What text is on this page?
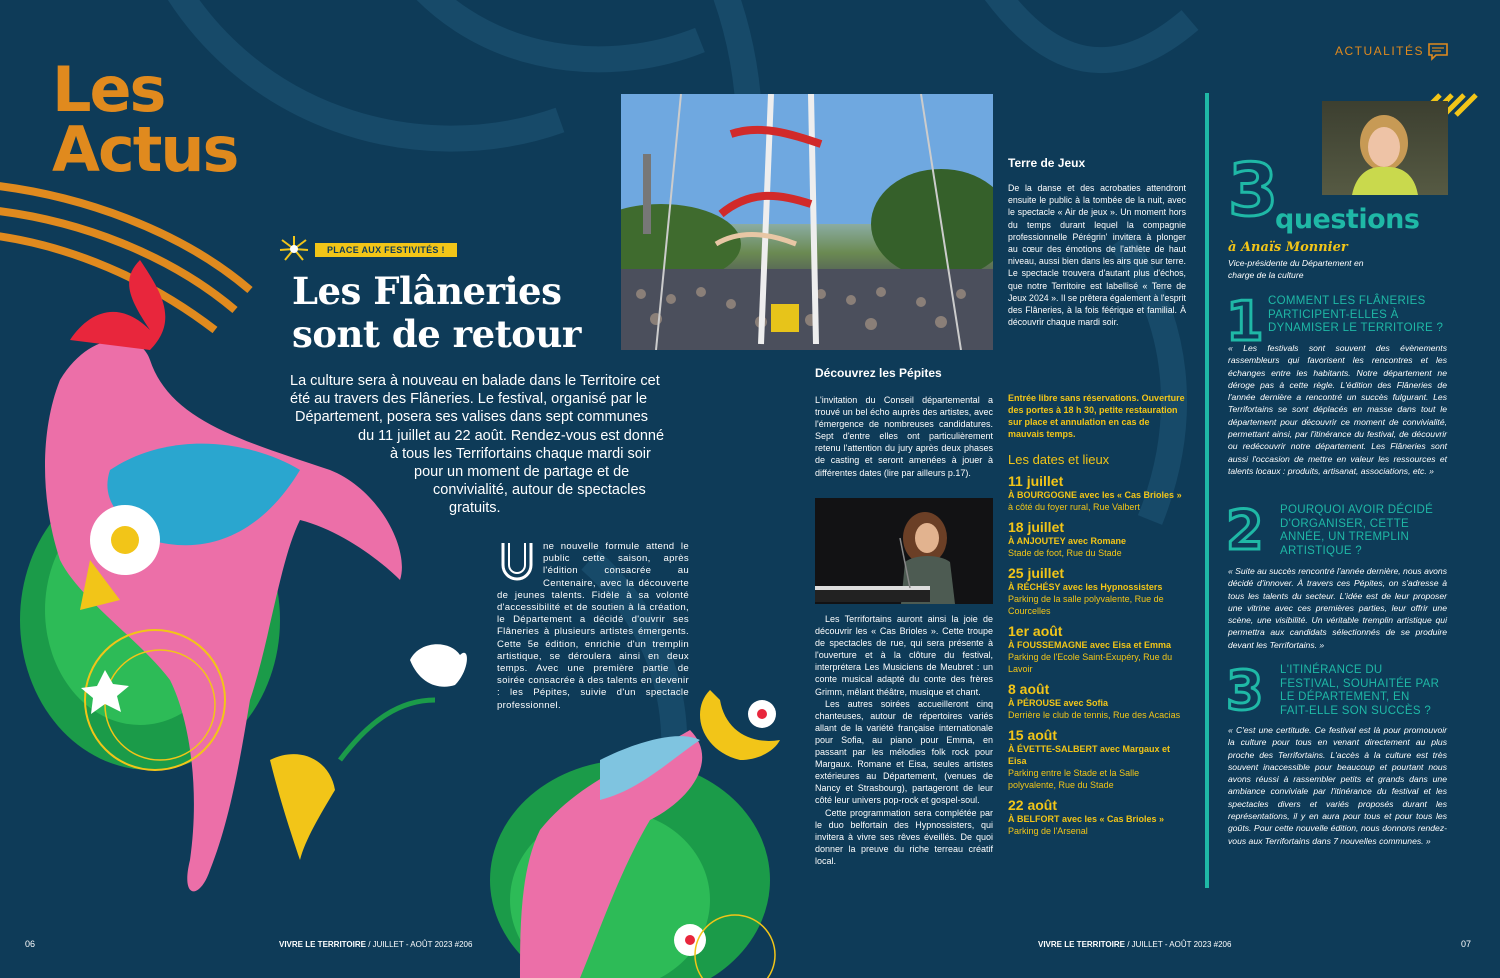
Les
Actus
PLACE AUX FESTIVITÉS !
Les Flâneries
sont de retour
La culture sera à nouveau en balade dans le Territoire cet
été au travers des Flâneries. Le festival, organisé par le
Département, posera ses valises dans sept communes
du 11 juillet au 22 août. Rendez-vous est donné
à tous les Terrifortains chaque mardi soir
pour un moment de partage et de
convivialité, autour de spectacles
gratuits.
ne nouvelle formule attend le public cette saison, après l'édition consacrée au Centenaire, avec la découverte de jeunes talents. Fidèle à sa volonté d'accessibilité et de soutien à la création, le Département a décidé d'ouvrir ses Flâneries à plusieurs artistes émergents. Cette 5e édition, enrichie d'un tremplin artistique, se déroulera ainsi en deux temps. Avec une première partie de soirée consacrée à des talents en devenir : les Pépites, suivie d'un spectacle professionnel.
Terre de Jeux
De la danse et des acrobaties attendront ensuite le public à la tombée de la nuit, avec le spectacle « Air de jeux ». Un moment hors du temps durant lequel la compagnie professionnelle Pérégrin' invitera à plonger au cœur des émotions de l'athlète de haut niveau, aussi bien dans les airs que sur terre. Le spectacle trouvera d'autant plus d'échos, que notre Territoire est labellisé « Terre de Jeux 2024 ». Il se prêtera également à l'esprit des Flâneries, à la fois féérique et familial. À découvrir chaque mardi soir.
Découvrez les Pépites
L'invitation du Conseil départemental a trouvé un bel écho auprès des artistes, avec l'émergence de nombreuses candidatures. Sept d'entre elles ont particulièrement retenu l'attention du jury après deux phases de casting et seront amenées à jouer à différentes dates (lire par ailleurs p.17).
Les Terrifortains auront ainsi la joie de découvrir les « Cas Brioles ». Cette troupe de spectacles de rue, qui sera présente à l'ouverture et à la clôture du festival, interprétera Les Musiciens de Meubret : un conte musical adapté du conte des frères Grimm, mêlant théâtre, musique et chant.
Les autres soirées accueilleront cinq chanteuses, autour de répertoires variés allant de la variété française internationale pour Sofia, au piano pour Emma, en passant par les mélodies folk rock pour Margaux. Romane et Eisa, seules artistes extérieures au Département, (venues de Nancy et Strasbourg), partageront de leur côté leur univers pop-rock et gospel-soul.
Cette programmation sera complétée par le duo belfortain des Hypnossisters, qui invitera à vivre ses rêves éveillés. De quoi donner la preuve du riche terreau créatif local.
Entrée libre sans réservations. Ouverture des portes à 18 h 30, petite restauration sur place et annulation en cas de mauvais temps.
Les dates et lieux
11 juillet
À BOURGOGNE avec les « Cas Brioles »
à côté du foyer rural, Rue Valbert
18 juillet
À ANJOUTEY avec Romane
Stade de foot, Rue du Stade
25 juillet
À RÉCHÉSY avec les Hypnossisters
Parking de la salle polyvalente, Rue de Courcelles
1er août
À FOUSSEMAGNE avec Eisa et Emma
Parking de l'Ecole Saint-Exupéry, Rue du Lavoir
8 août
À PÉROUSE avec Sofia
Derrière le club de tennis, Rue des Acacias
15 août
À ÉVETTE-SALBERT avec Margaux et Eisa
Parking entre le Stade et la Salle polyvalente, Rue du Stade
22 août
À BELFORT avec les « Cas Brioles »
Parking de l'Arsenal
ACTUALITÉS
3
questions
à Anaïs Monnier
Vice-présidente du Département en charge de la culture
1 COMMENT LES FLÂNERIES PARTICIPENT-ELLES À DYNAMISER LE TERRITOIRE ?
« Les festivals sont souvent des évènements rassembleurs qui favorisent les rencontres et les échanges entre les habitants. Notre département ne déroge pas à cette règle. L'édition des Flâneries de l'année dernière a rencontré un succès fulgurant. Les Terrifortains se sont déplacés en masse dans tout le département pour découvrir ce moment de convivialité, permettant ainsi, par l'itinérance du festival, de découvrir ou redécouvrir notre département. Les Flâneries sont aussi l'occasion de mettre en valeur les ressources et talents locaux : produits, artisanat, associations, etc. »
2 POURQUOI AVOIR DÉCIDÉ D'ORGANISER, CETTE ANNÉE, UN TREMPLIN ARTISTIQUE ?
« Suite au succès rencontré l'année dernière, nous avons décidé d'innover. À travers ces Pépites, on s'adresse à tous les talents du secteur. L'idée est de leur proposer une vitrine avec ces premières parties, leur offrir une scène, une visibilité. Un véritable tremplin artistique qui permettra aux candidats sélectionnés de se produire devant les Terrifortains. »
3 L'ITINÉRANCE DU FESTIVAL, SOUHAITÉE PAR LE DÉPARTEMENT, EN FAIT-ELLE SON SUCCÈS ?
« C'est une certitude. Ce festival est là pour promouvoir la culture pour tous en venant directement au plus proche des Terrifortains. L'accès à la culture est très souvent inaccessible pour beaucoup et pourtant nous avons réussi à rassembler petits et grands dans une ambiance conviviale par l'itinérance du festival et les spectacles divers et variés proposés durant les représentations, il y en aura pour tous et pour tous les goûts. Pour cette nouvelle édition, nous donnons rendez-vous aux Terrifortains dans 7 nouvelles communes. »
06	VIVRE LE TERRITOIRE / JUILLET - AOÛT 2023 #206	VIVRE LE TERRITOIRE / JUILLET - AOÛT 2023 #206	07
